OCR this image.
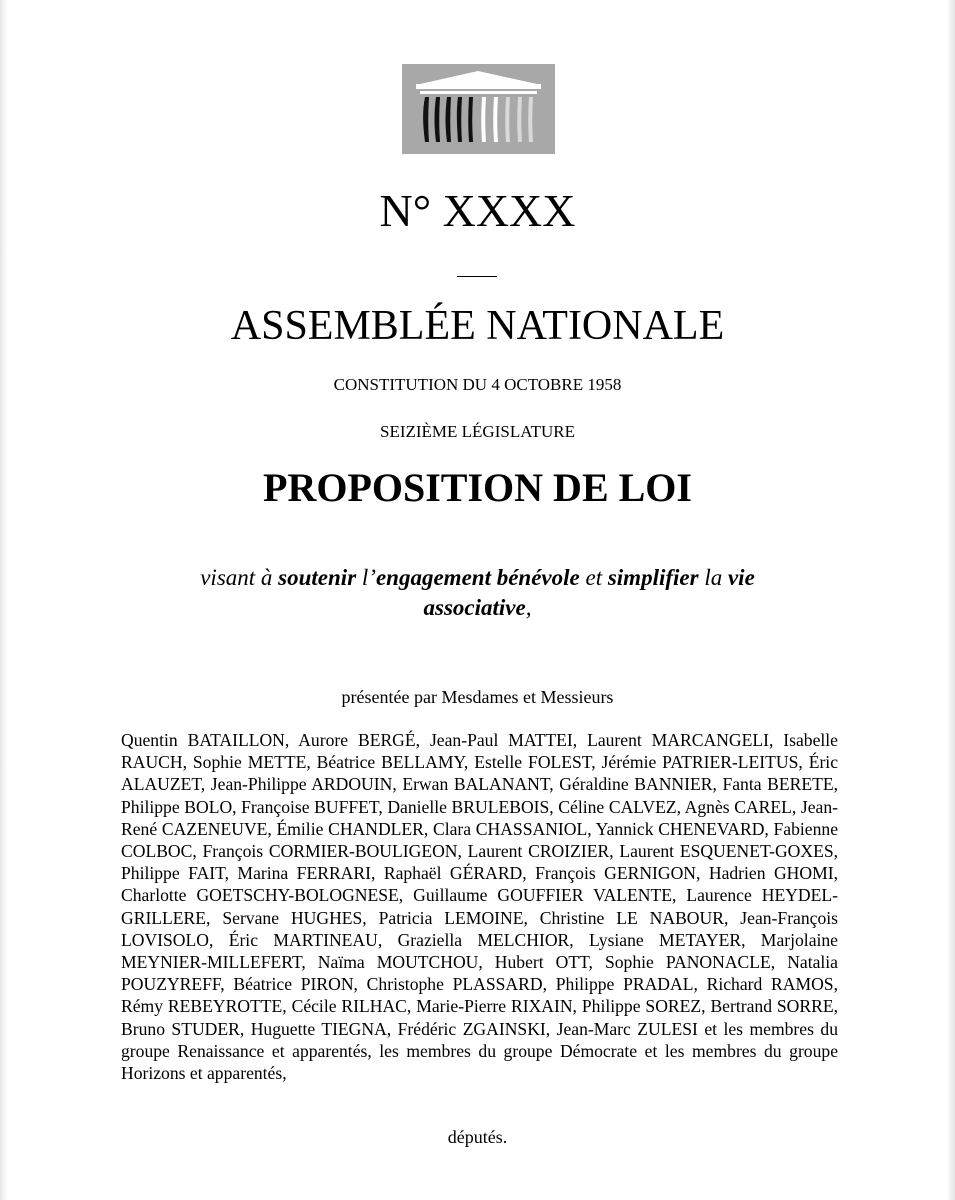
N° XXXX
ASSEMBLÉE NATIONALE

CONSTITUTION DU 4 OCTOBRE 1958

SEIZIÈME LÉGISLATURE

PROPOSITION DE LOI

visant à soutenir l’engagement bénévole et simplifier la vie associative,

présentée par Mesdames et Messieurs

Quentin BATAILLON, Aurore BERGÉ, Jean-Paul MATTEI, Laurent MARCANGELI, Isabelle RAUCH, Sophie METTE, Béatrice BELLAMY, Estelle FOLEST, Jérémie PATRIER-LEITUS, Éric ALAUZET, Jean-Philippe ARDOUIN, Erwan BALANANT, Géraldine BANNIER, Fanta BERETE, Philippe BOLO, Françoise BUFFET, Danielle BRULEBOIS, Céline CALVEZ, Agnès CAREL, Jean-René CAZENEUVE, Émilie CHANDLER, Clara CHASSANIOL, Yannick CHENEVARD, Fabienne COLBOC, François CORMIER-BOULIGEON, Laurent CROIZIER, Laurent ESQUENET-GOXES, Philippe FAIT, Marina FERRARI, Raphaël GÉRARD, François GERNIGON, Hadrien GHOMI, Charlotte GOETSCHY-BOLOGNESE, Guillaume GOUFFIER VALENTE, Laurence HEYDEL-GRILLERE, Servane HUGHES, Patricia LEMOINE, Christine LE NABOUR, Jean-François LOVISOLO, Éric MARTINEAU, Graziella MELCHIOR, Lysiane METAYER, Marjolaine MEYNIER-MILLEFERT, Naïma MOUTCHOU, Hubert OTT, Sophie PANONACLE, Natalia POUZYREFF, Béatrice PIRON, Christophe PLASSARD, Philippe PRADAL, Richard RAMOS, Rémy REBEYROTTE, Cécile RILHAC, Marie-Pierre RIXAIN, Philippe SOREZ, Bertrand SORRE, Bruno STUDER, Huguette TIEGNA, Frédéric ZGAINSKI, Jean-Marc ZULESI et les membres du groupe Renaissance et apparentés, les membres du groupe Démocrate et les membres du groupe Horizons et apparentés,

députés.
